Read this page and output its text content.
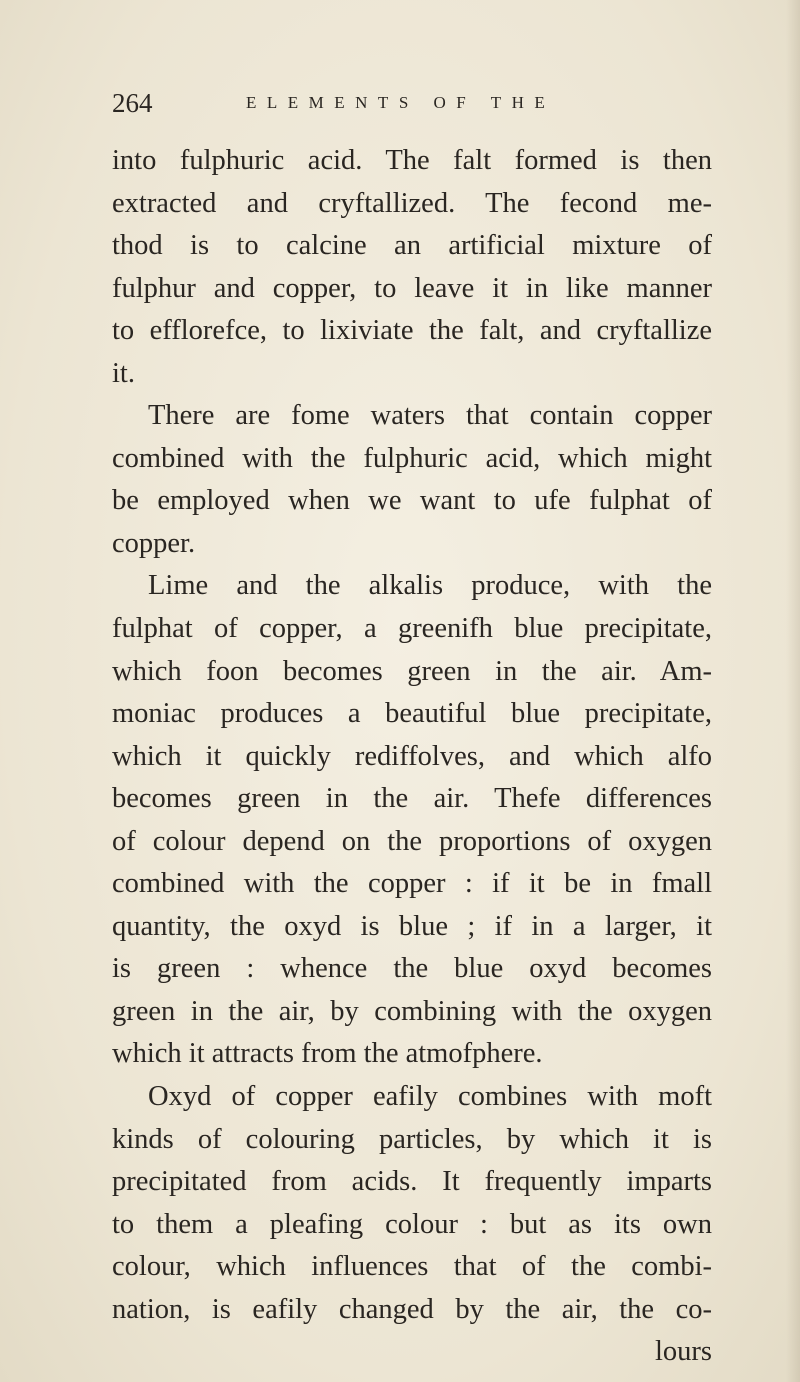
264	ELEMENTS OF THE
into fulphuric acid. The falt formed is then
extracted and cryftallized. The fecond me-
thod is to calcine an artificial mixture of
fulphur and copper, to leave it in like manner
to efflorefce, to lixiviate the falt, and cryftallize
it.
There are fome waters that contain copper
combined with the fulphuric acid, which might
be employed when we want to ufe fulphat of
copper.
Lime and the alkalis produce, with the
fulphat of copper, a greenifh blue precipitate,
which foon becomes green in the air. Am-
moniac produces a beautiful blue precipitate,
which it quickly rediffolves, and which alfo
becomes green in the air. Thefe differences
of colour depend on the proportions of oxygen
combined with the copper : if it be in fmall
quantity, the oxyd is blue ; if in a larger, it
is green : whence the blue oxyd becomes
green in the air, by combining with the oxygen
which it attracts from the atmofphere.
Oxyd of copper eafily combines with moft
kinds of colouring particles, by which it is
precipitated from acids. It frequently imparts
to them a pleafing colour : but as its own
colour, which influences that of the combi-
nation, is eafily changed by the air, the co-
lours
